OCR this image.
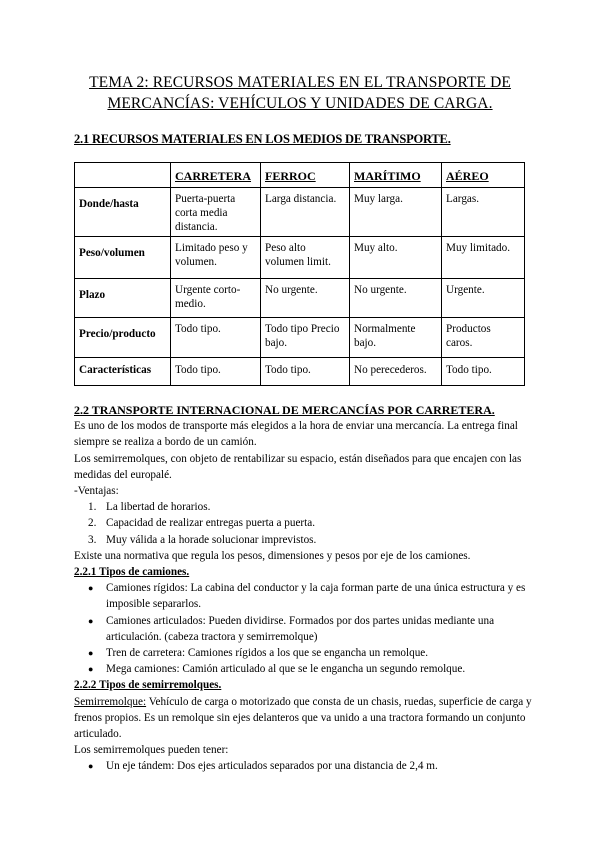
TEMA 2: RECURSOS MATERIALES EN EL TRANSPORTE DE
MERCANCÍAS: VEHÍCULOS Y UNIDADES DE CARGA.
2.1 RECURSOS MATERIALES EN LOS MEDIOS DE TRANSPORTE.
	CARRETERA	FERROC	MARÍTIMO	AÉREO
Donde/hasta	Puerta-puerta corta media distancia.	Larga distancia.	Muy larga.	Largas.
Peso/volumen	Limitado peso y volumen.	Peso alto volumen limit.	Muy alto.	Muy limitado.
Plazo	Urgente corto-medio.	No urgente.	No urgente.	Urgente.
Precio/producto	Todo tipo.	Todo tipo Precio bajo.	Normalmente bajo.	Productos caros.
Características	Todo tipo.	Todo tipo.	No perecederos.	Todo tipo.
2.2 TRANSPORTE INTERNACIONAL DE MERCANCÍAS POR CARRETERA.

Es uno de los modos de transporte más elegidos a la hora de enviar una mercancía. La entrega final siempre se realiza a bordo de un camión.

Los semirremolques, con objeto de rentabilizar su espacio, están diseñados para que encajen con las medidas del europalé.

-Ventajas:

1. La libertad de horarios.
2. Capacidad de realizar entregas puerta a puerta.
3. Muy válida a la horade solucionar imprevistos.

Existe una normativa que regula los pesos, dimensiones y pesos por eje de los camiones.

2.2.1 Tipos de camiones.
● Camiones rígidos: La cabina del conductor y la caja forman parte de una única estructura y es imposible separarlos.
● Camiones articulados: Pueden dividirse. Formados por dos partes unidas mediante una articulación. (cabeza tractora y semirremolque)
● Tren de carretera: Camiones rígidos a los que se engancha un remolque.
● Mega camiones: Camión articulado al que se le engancha un segundo remolque.
2.2.2 Tipos de semirremolques.

Semirremolque: Vehículo de carga o motorizado que consta de un chasis, ruedas, superficie de carga y frenos propios. Es un remolque sin ejes delanteros que va unido a una tractora formando un conjunto articulado.

Los semirremolques pueden tener:

● Un eje tándem: Dos ejes articulados separados por una distancia de 2,4 m.
